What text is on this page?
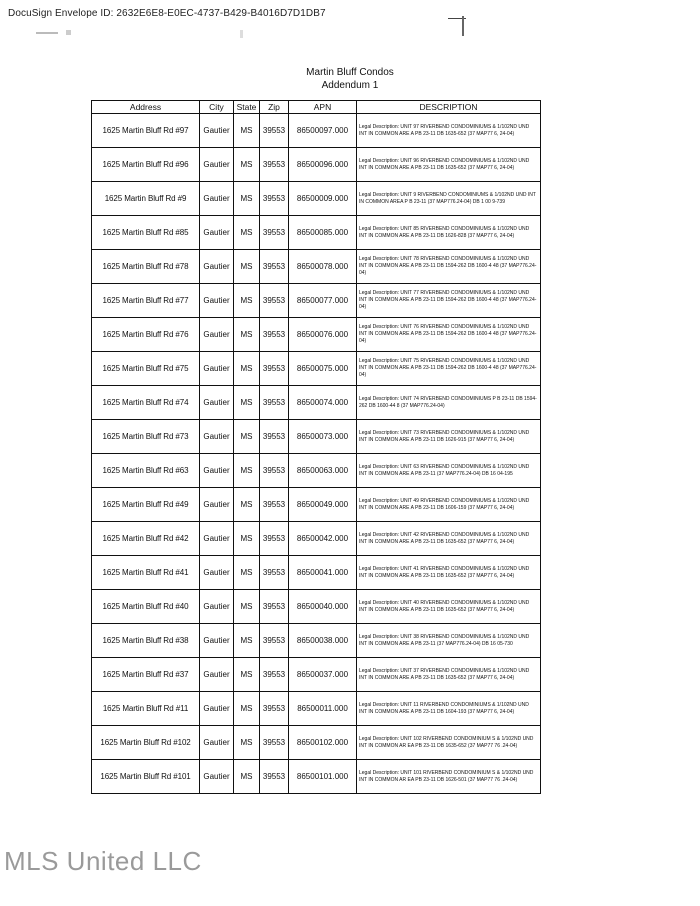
DocuSign Envelope ID: 2632E6E8-E0EC-4737-B429-B4016D7D1DB7
Martin Bluff Condos
Addendum 1
Address	City	State	Zip	APN	DESCRIPTION
1625 Martin Bluff Rd #97	Gautier	MS	39553	86500097.000	Legal Description: UNIT 97 RIVERBEND CONDOMINIUMS & 1/102ND UND INT IN COMMON ARE A PB 23-11 DB 1635-652 (37 MAP77 6, 24-04)
1625 Martin Bluff Rd #96	Gautier	MS	39553	86500096.000	Legal Description: UNIT 96 RIVERBEND CONDOMINIUMS & 1/102ND UND INT IN COMMON ARE A PB 23-11 DB 1635-652 (37 MAP77 6, 24-04)
1625 Martin Bluff Rd #9	Gautier	MS	39553	86500009.000	Legal Description: UNIT 9 RIVERBEND CONDOMINIUMS & 1/102ND UND INT IN COMMON AREA P B 23-11 (37 MAP776.24-04) DB 1 00 9-739
1625 Martin Bluff Rd #85	Gautier	MS	39553	86500085.000	Legal Description: UNIT 85 RIVERBEND CONDOMINIUMS & 1/102ND UND INT IN COMMON ARE A PB 23-11 DB 1626-828 (37 MAP77 6, 24-04)
1625 Martin Bluff Rd #78	Gautier	MS	39553	86500078.000	Legal Description: UNIT 78 RIVERBEND CONDOMINIUMS & 1/102ND UND INT IN COMMON ARE A PB 23-11 DB 1594-262 DB 1600-4 48 (37 MAP776.24-04)
1625 Martin Bluff Rd #77	Gautier	MS	39553	86500077.000	Legal Description: UNIT 77 RIVERBEND CONDOMINIUMS & 1/102ND UND INT IN COMMON ARE A PB 23-11 DB 1594-262 DB 1600-4 48 (37 MAP776.24-04)
1625 Martin Bluff Rd #76	Gautier	MS	39553	86500076.000	Legal Description: UNIT 76 RIVERBEND CONDOMINIUMS & 1/102ND UND INT IN COMMON ARE A PB 23-11 DB 1594-262 DB 1600-4 48 (37 MAP776.24-04)
1625 Martin Bluff Rd #75	Gautier	MS	39553	86500075.000	Legal Description: UNIT 75 RIVERBEND CONDOMINIUMS & 1/102ND UND INT IN COMMON ARE A PB 23-11 DB 1594-262 DB 1600-4 48 (37 MAP776.24-04)
1625 Martin Bluff Rd #74	Gautier	MS	39553	86500074.000	Legal Description: UNIT 74 RIVERBEND CONDOMINIUMS P B 23-11 DB 1594-262 DB 1600-44 8 (37 MAP776.24-04)
1625 Martin Bluff Rd #73	Gautier	MS	39553	86500073.000	Legal Description: UNIT 73 RIVERBEND CONDOMINIUMS & 1/102ND UND INT IN COMMON ARE A PB 23-11 DB 1626-915 (37 MAP77 6, 24-04)
1625 Martin Bluff Rd #63	Gautier	MS	39553	86500063.000	Legal Description: UNIT 63 RIVERBEND CONDOMINIUMS & 1/102ND UND INT IN COMMON ARE A PB 23-11 (37 MAP776.24-04) DB 16 04-195
1625 Martin Bluff Rd #49	Gautier	MS	39553	86500049.000	Legal Description: UNIT 49 RIVERBEND CONDOMINIUMS & 1/102ND UND INT IN COMMON ARE A PB 23-11 DB 1606-159 (37 MAP77 6, 24-04)
1625 Martin Bluff Rd #42	Gautier	MS	39553	86500042.000	Legal Description: UNIT 42 RIVERBEND CONDOMINIUMS & 1/102ND UND INT IN COMMON ARE A PB 23-11 DB 1635-652 (37 MAP77 6, 24-04)
1625 Martin Bluff Rd #41	Gautier	MS	39553	86500041.000	Legal Description: UNIT 41 RIVERBEND CONDOMINIUMS & 1/102ND UND INT IN COMMON ARE A PB 23-11 DB 1635-652 (37 MAP77 6, 24-04)
1625 Martin Bluff Rd #40	Gautier	MS	39553	86500040.000	Legal Description: UNIT 40 RIVERBEND CONDOMINIUMS & 1/102ND UND INT IN COMMON ARE A PB 23-11 DB 1635-652 (37 MAP77 6, 24-04)
1625 Martin Bluff Rd #38	Gautier	MS	39553	86500038.000	Legal Description: UNIT 38 RIVERBEND CONDOMINIUMS & 1/102ND UND INT IN COMMON ARE A PB 23-11 (37 MAP776.24-04) DB 16 05-730
1625 Martin Bluff Rd #37	Gautier	MS	39553	86500037.000	Legal Description: UNIT 37 RIVERBEND CONDOMINIUMS & 1/102ND UND INT IN COMMON ARE A PB 23-11 DB 1635-652 (37 MAP77 6, 24-04)
1625 Martin Bluff Rd #11	Gautier	MS	39553	86500011.000	Legal Description: UNIT 11 RIVERBEND CONDOMINIUMS & 1/102ND UND INT IN COMMON ARE A PB 23-11 DB 1604-193 (37 MAP77 6, 24-04)
1625 Martin Bluff Rd #102	Gautier	MS	39553	86500102.000	Legal Description: UNIT 102 RIVERBEND CONDOMINIUM S & 1/102ND UND INT IN COMMON AR EA PB 23-11 DB 1635-652 (37 MAP77 76 .24-04)
1625 Martin Bluff Rd #101	Gautier	MS	39553	86500101.000	Legal Description: UNIT 101 RIVERBEND CONDOMINIUM S & 1/102ND UND INT IN COMMON AR EA PB 23-11 DB 1626-501 (37 MAP77 76 .24-04)
MLS United LLC
